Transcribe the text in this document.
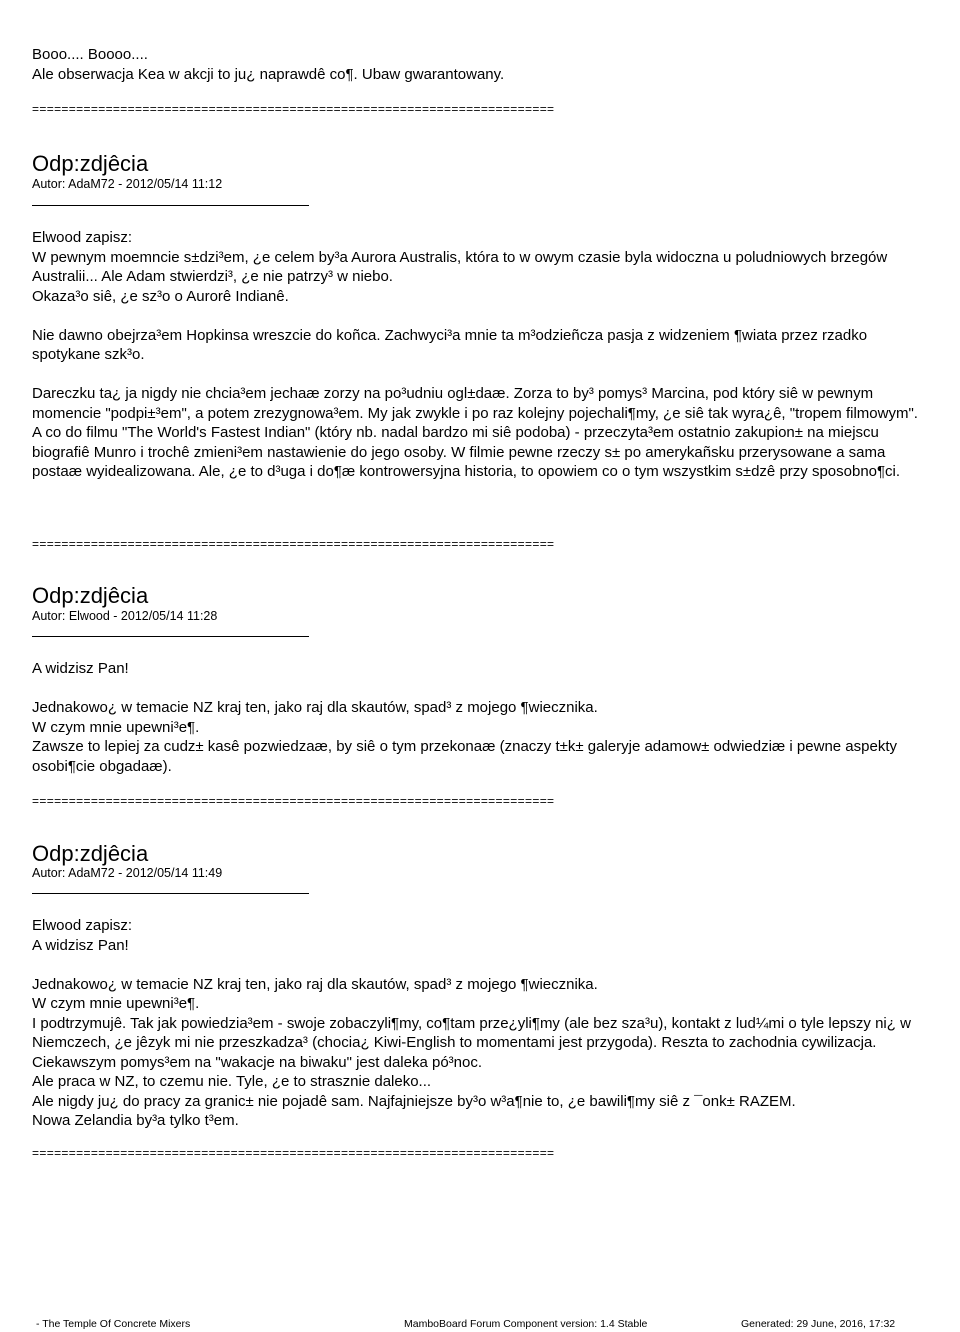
Booo.... Boooo....

Ale obserwacja Kea w akcji to ju¿ naprawdê co¶. Ubaw gwarantowany.

=======================================================================
Odp:zdjêcia
Autor: AdaM72 - 2012/05/14 11:12

Elwood zapisz:

W pewnym moemncie s±dzi³em, ¿e celem by³a Aurora Australis, która to w owym czasie byla widoczna u poludniowych brzegów Australii... Ale Adam stwierdzi³, ¿e nie patrzy³ w niebo.

Okaza³o siê, ¿e sz³o o Aurorê Indianê.

Nie dawno obejrza³em Hopkinsa wreszcie do koñca. Zachwyci³a mnie ta m³odzieñcza pasja z widzeniem ¶wiata przez rzadko spotykane szk³o.

Dareczku ta¿ ja nigdy nie chcia³em jechaæ zorzy na po³udniu ogl±daæ. Zorza to by³ pomys³ Marcina, pod który siê w pewnym momencie "podpi±³em", a potem zrezygnowa³em. My jak zwykle i po raz kolejny pojechali¶my, ¿e siê tak wyra¿ê, "tropem filmowym".

A co do filmu "The World's Fastest Indian" (który nb. nadal bardzo mi siê podoba) - przeczyta³em ostatnio zakupion± na miejscu biografiê Munro i trochê zmieni³em nastawienie do jego osoby. W filmie pewne rzeczy s± po amerykañsku przerysowane a sama postaæ wyidealizowana. Ale, ¿e to d³uga i do¶æ kontrowersyjna historia, to opowiem co o tym wszystkim s±dzê przy sposobno¶ci.

=======================================================================
Odp:zdjêcia
Autor: Elwood - 2012/05/14 11:28

A widzisz Pan!

Jednakowo¿ w temacie NZ kraj ten, jako raj dla skautów, spad³ z mojego ¶wiecznika.

W czym mnie upewni³e¶.

Zawsze to lepiej za cudz± kasê pozwiedzaæ, by siê o tym przekonaæ (znaczy t±k± galeryje adamow± odwiedziæ i pewne aspekty osobi¶cie obgadaæ).

=======================================================================
Odp:zdjêcia
Autor: AdaM72 - 2012/05/14 11:49

Elwood zapisz:

A widzisz Pan!

Jednakowo¿ w temacie NZ kraj ten, jako raj dla skautów, spad³ z mojego ¶wiecznika.

W czym mnie upewni³e¶.

I podtrzymujê. Tak jak powiedzia³em - swoje zobaczyli¶my, co¶tam prze¿yli¶my (ale bez sza³u), kontakt z lud¼mi o tyle lepszy ni¿ w Niemczech, ¿e jêzyk mi nie przeszkadza³ (chocia¿ Kiwi-English to momentami jest przygoda). Reszta to zachodnia cywilizacja. Ciekawszym pomys³em na "wakacje na biwaku" jest daleka pó³noc.

Ale praca w NZ, to czemu nie. Tyle, ¿e to strasznie daleko...

Ale nigdy ju¿ do pracy za granic± nie pojadê sam. Najfajniejsze by³o w³a¶nie to, ¿e bawili¶my siê z ¯onk± RAZEM.

Nowa Zelandia by³a tylko t³em.

=======================================================================
- The Temple Of Concrete Mixers	MamboBoard Forum Component version: 1.4 Stable	Generated: 29 June, 2016, 17:32
